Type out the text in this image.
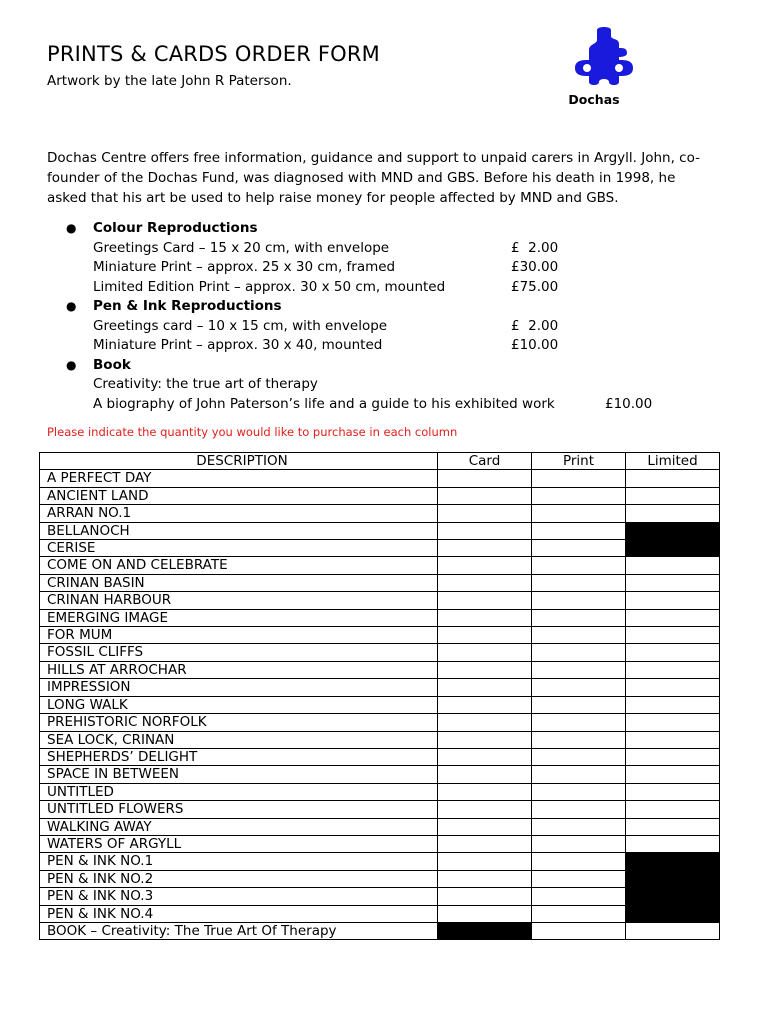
PRINTS & CARDS ORDER FORM
Artwork by the late John R Paterson.
Dochas

Dochas Centre offers free information, guidance and support to unpaid carers in Argyll. John, co-founder of the Dochas Fund, was diagnosed with MND and GBS. Before his death in 1998, he asked that his art be used to help raise money for people affected by MND and GBS.

● Colour Reproductions
Greetings Card – 15 x 20 cm, with envelope	£  2.00
Miniature Print – approx. 25 x 30 cm, framed	£30.00
Limited Edition Print – approx. 30 x 50 cm, mounted	£75.00
● Pen & Ink Reproductions
Greetings card – 10 x 15 cm, with envelope	£  2.00
Miniature Print – approx. 30 x 40, mounted	£10.00
● Book
Creativity: the true art of therapy
A biography of John Paterson’s life and a guide to his exhibited work	£10.00
Please indicate the quantity you would like to purchase in each column
DESCRIPTION	Card	Print	Limited
A PERFECT DAY			
ANCIENT LAND			
ARRAN NO.1			
BELLANOCH			
CERISE			
COME ON AND CELEBRATE			
CRINAN BASIN			
CRINAN HARBOUR			
EMERGING IMAGE			
FOR MUM			
FOSSIL CLIFFS			
HILLS AT ARROCHAR			
IMPRESSION			
LONG WALK			
PREHISTORIC NORFOLK			
SEA LOCK, CRINAN			
SHEPHERDS’ DELIGHT			
SPACE IN BETWEEN			
UNTITLED			
UNTITLED FLOWERS			
WALKING AWAY			
WATERS OF ARGYLL			
PEN & INK NO.1			
PEN & INK NO.2			
PEN & INK NO.3			
PEN & INK NO.4			
BOOK – Creativity: The True Art Of Therapy			
